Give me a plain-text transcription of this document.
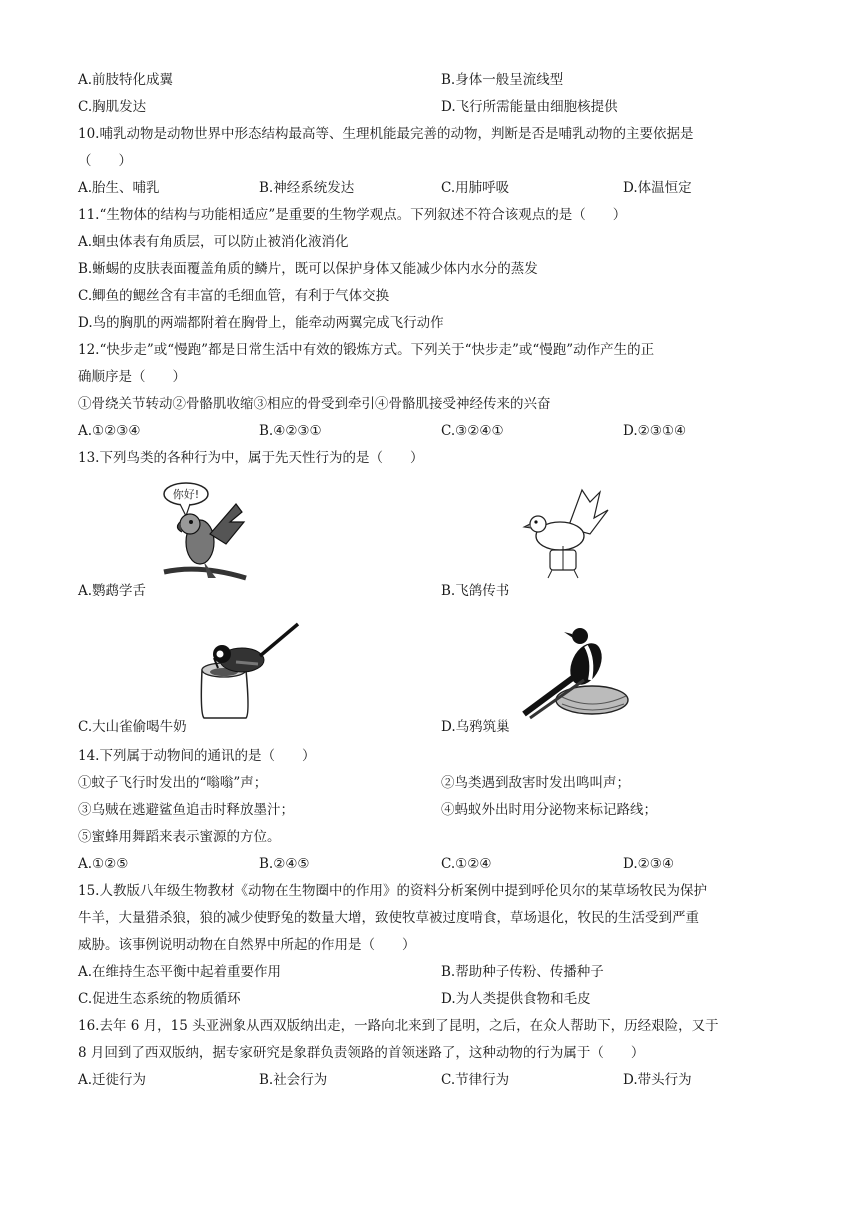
A.前肢特化成翼	B.身体一般呈流线型
C.胸肌发达	D.飞行所需能量由细胞核提供
10.哺乳动物是动物世界中形态结构最高等、生理机能最完善的动物，判断是否是哺乳动物的主要依据是
（　　）
A.胎生、哺乳	B.神经系统发达	C.用肺呼吸	D.体温恒定
11.“生物体的结构与功能相适应”是重要的生物学观点。下列叙述不符合该观点的是（　　）
A.蛔虫体表有角质层，可以防止被消化液消化
B.蜥蜴的皮肤表面覆盖角质的鳞片，既可以保护身体又能减少体内水分的蒸发
C.鲫鱼的鳃丝含有丰富的毛细血管，有利于气体交换
D.鸟的胸肌的两端都附着在胸骨上，能牵动两翼完成飞行动作
12.“快步走”或“慢跑”都是日常生活中有效的锻炼方式。下列关于“快步走”或“慢跑”动作产生的正
确顺序是（　　）
①骨绕关节转动②骨骼肌收缩③相应的骨受到牵引④骨骼肌接受神经传来的兴奋
A.①②③④	B.④②③①	C.③②④①	D.②③①④
13.下列鸟类的各种行为中，属于先天性行为的是（　　）
你好!
A.鹦鹉学舌	B.飞鸽传书
C.大山雀偷喝牛奶	D.乌鸦筑巢
14.下列属于动物间的通讯的是（　　）
①蚊子飞行时发出的“嗡嗡”声；	②鸟类遇到敌害时发出鸣叫声；
③乌贼在逃避鲨鱼追击时释放墨汁；	④蚂蚁外出时用分泌物来标记路线；
⑤蜜蜂用舞蹈来表示蜜源的方位。
A.①②⑤	B.②④⑤	C.①②④	D.②③④
15.人教版八年级生物教材《动物在生物圈中的作用》的资料分析案例中提到呼伦贝尔的某草场牧民为保护
牛羊，大量猎杀狼，狼的减少使野兔的数量大增，致使牧草被过度啃食，草场退化，牧民的生活受到严重
威胁。该事例说明动物在自然界中所起的作用是（　　）
A.在维持生态平衡中起着重要作用	B.帮助种子传粉、传播种子
C.促进生态系统的物质循环	D.为人类提供食物和毛皮
16.去年 6 月，15 头亚洲象从西双版纳出走，一路向北来到了昆明，之后，在众人帮助下，历经艰险，又于
8 月回到了西双版纳，据专家研究是象群负责领路的首领迷路了，这种动物的行为属于（　　）
A.迁徙行为	B.社会行为	C.节律行为	D.带头行为
